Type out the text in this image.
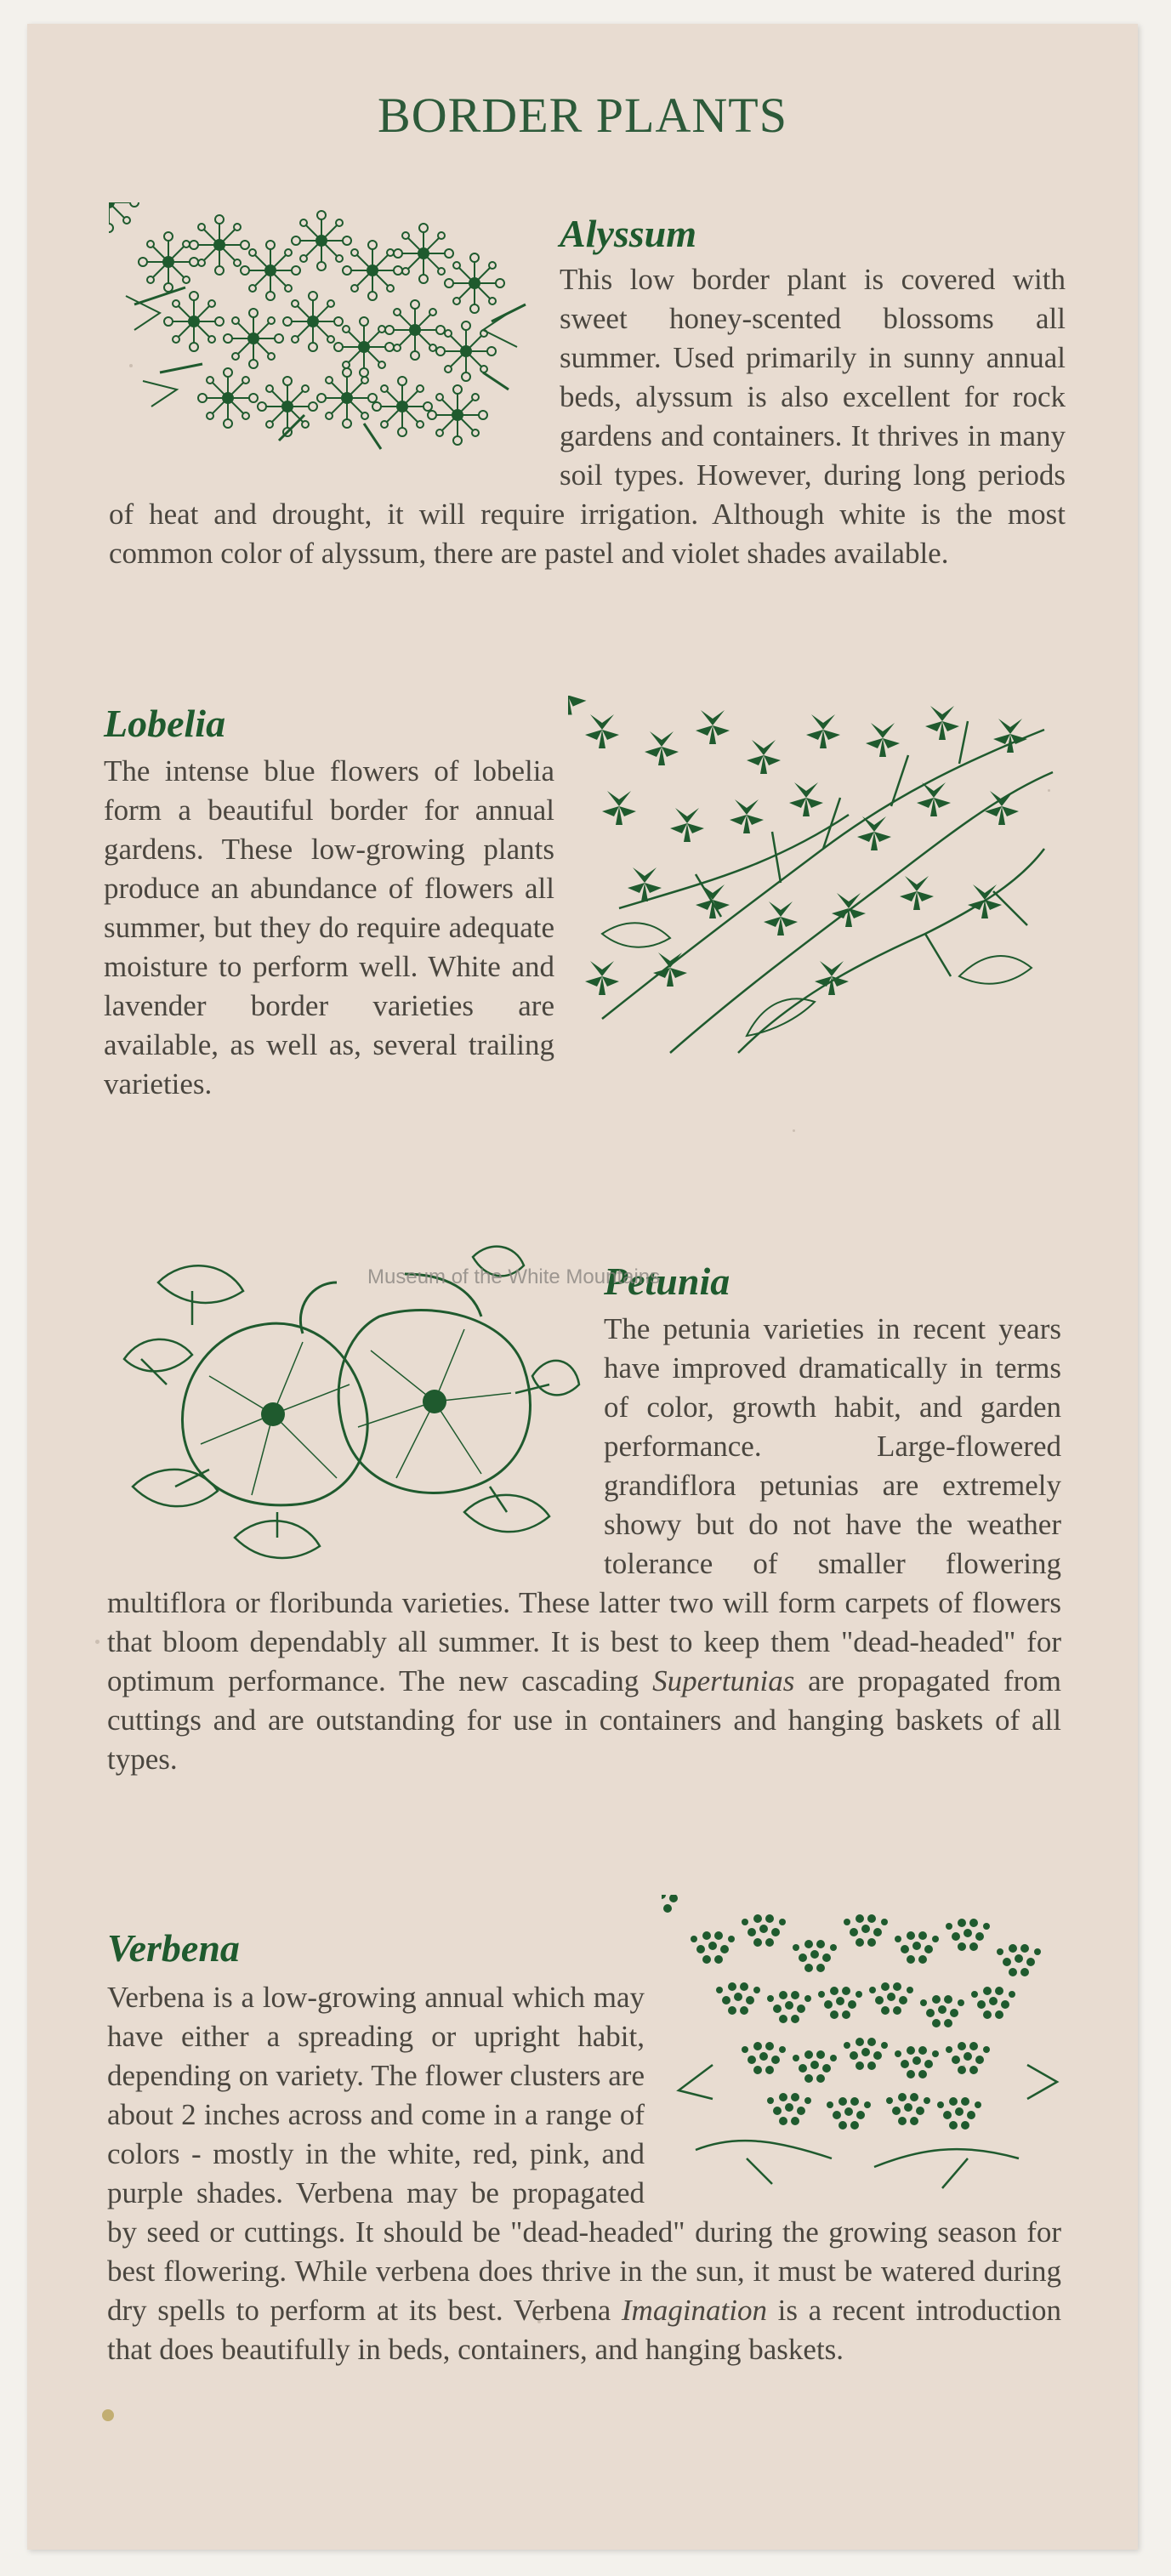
BORDER PLANTS

Alyssum

This low border plant is covered with sweet honey-scented blossoms all summer. Used primarily in sunny annual beds, alyssum is also excellent for rock gardens and containers. It thrives in many soil types. However, during long periods of heat and drought, it will require irrigation. Although white is the most common color of alyssum, there are pastel and violet shades available.

Lobelia

The intense blue flowers of lobelia form a beautiful border for annual gardens. These low-growing plants produce an abundance of flowers all summer, but they do require adequate moisture to perform well. White and lavender border varieties are available, as well as, several trailing varieties.

Petunia

The petunia varieties in recent years have improved dramatically in terms of color, growth habit, and garden performance. Large-flowered grandiflora petunias are extremely showy but do not have the weather tolerance of smaller flowering multiflora or floribunda varieties. These latter two will form carpets of flowers that bloom dependably all summer. It is best to keep them "dead-headed" for optimum performance. The new cascading Supertunias are propagated from cuttings and are outstanding for use in containers and hanging baskets of all types.

Verbena

Verbena is a low-growing annual which may have either a spreading or upright habit, depending on variety. The flower clusters are about 2 inches across and come in a range of colors - mostly in the white, red, pink, and purple shades. Verbena may be propagated by seed or cuttings. It should be "dead-headed" during the growing season for best flowering. While verbena does thrive in the sun, it must be watered during dry spells to perform at its best. Verbena Imagination is a recent introduction that does beautifully in beds, containers, and hanging baskets.

Museum of the White Mountains
